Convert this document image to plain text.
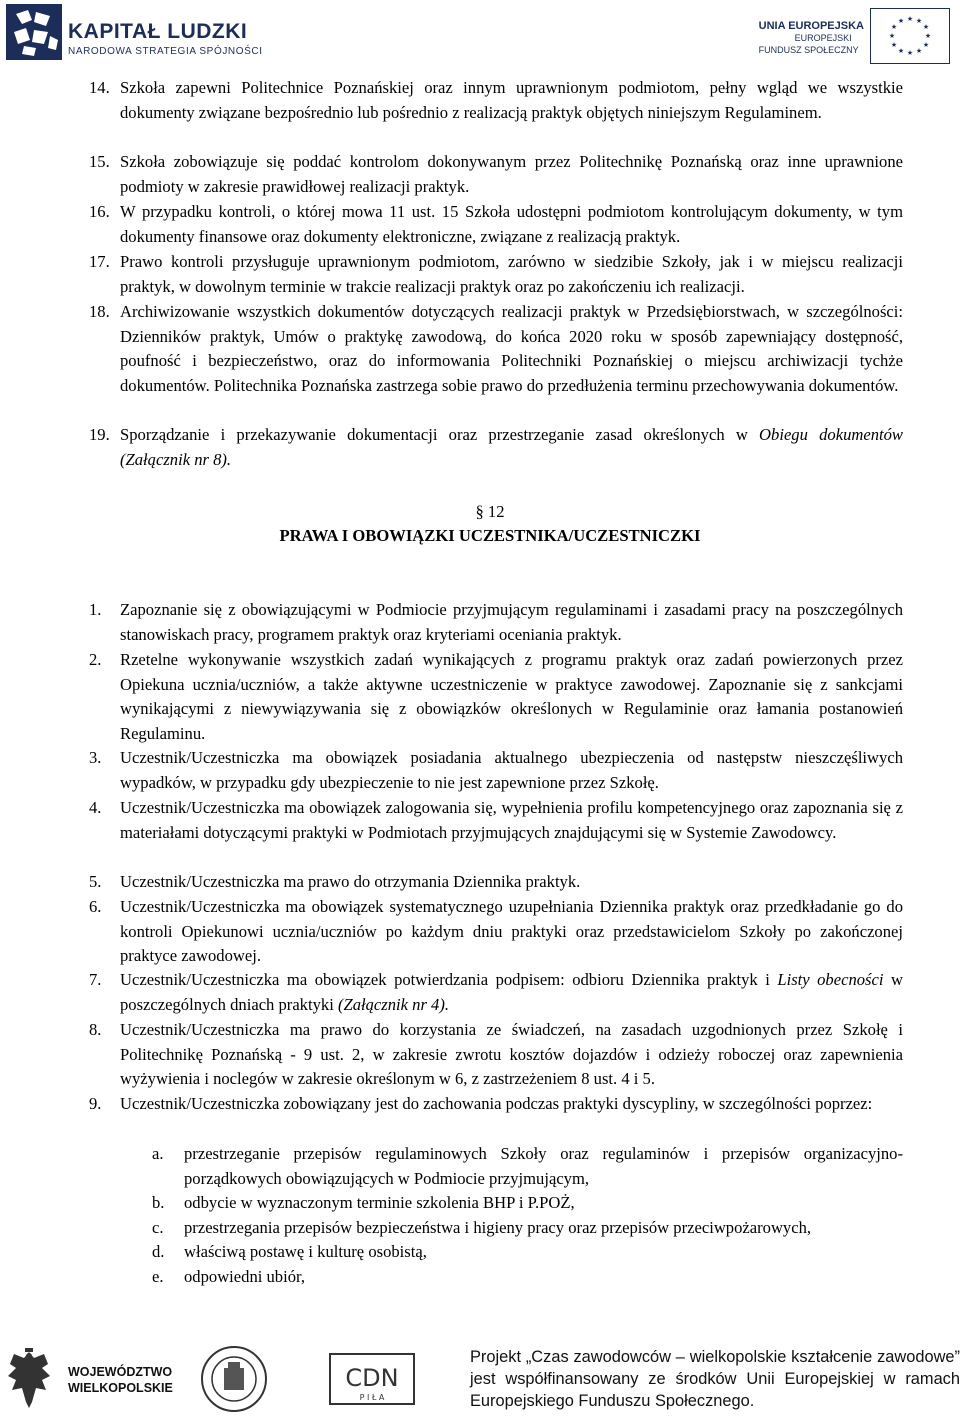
KAPITAŁ LUDZKI
NARODOWA STRATEGIA SPÓJNOŚCI
UNIA EUROPEJSKA
EUROPEJSKI
FUNDUSZ SPOŁECZNY
★ ★
★
★
★
★
★
★
★
★
★
★
14. Szkoła zapewni Politechnice Poznańskiej oraz innym uprawnionym podmiotom, pełny wgląd we wszystkie dokumenty związane bezpośrednio lub pośrednio z realizacją praktyk objętych niniejszym Regulaminem.
15. Szkoła zobowiązuje się poddać kontrolom dokonywanym przez Politechnikę Poznańską oraz inne uprawnione podmioty w zakresie prawidłowej realizacji praktyk.
16. W przypadku kontroli, o której mowa 11 ust. 15 Szkoła udostępni podmiotom kontrolującym dokumenty, w tym dokumenty finansowe oraz dokumenty elektroniczne, związane z realizacją praktyk.
17. Prawo kontroli przysługuje uprawnionym podmiotom, zarówno w siedzibie Szkoły, jak i w miejscu realizacji praktyk, w dowolnym terminie w trakcie realizacji praktyk oraz po zakończeniu ich realizacji.
18. Archiwizowanie wszystkich dokumentów dotyczących realizacji praktyk w Przedsiębiorstwach, w szczególności: Dzienników praktyk, Umów o praktykę zawodową, do końca 2020 roku w sposób zapewniający dostępność, poufność i bezpieczeństwo, oraz do informowania Politechniki Poznańskiej o miejscu archiwizacji tychże dokumentów. Politechnika Poznańska zastrzega sobie prawo do przedłużenia terminu przechowywania dokumentów.
19. Sporządzanie i przekazywanie dokumentacji oraz przestrzeganie zasad określonych w Obiegu dokumentów (Załącznik nr 8).
§ 12
PRAWA I OBOWIĄZKI UCZESTNIKA/UCZESTNICZKI
1. Zapoznanie się z obowiązującymi w Podmiocie przyjmującym regulaminami i zasadami pracy na poszczególnych stanowiskach pracy, programem praktyk oraz kryteriami oceniania praktyk.
2. Rzetelne wykonywanie wszystkich zadań wynikających z programu praktyk oraz zadań powierzonych przez Opiekuna ucznia/uczniów, a także aktywne uczestniczenie w praktyce zawodowej. Zapoznanie się z sankcjami wynikającymi z niewywiązywania się z obowiązków określonych w Regulaminie oraz łamania postanowień Regulaminu.
3. Uczestnik/Uczestniczka ma obowiązek posiadania aktualnego ubezpieczenia od następstw nieszczęśliwych wypadków, w przypadku gdy ubezpieczenie to nie jest zapewnione przez Szkołę.
4. Uczestnik/Uczestniczka ma obowiązek zalogowania się, wypełnienia profilu kompetencyjnego oraz zapoznania się z materiałami dotyczącymi praktyki w Podmiotach przyjmujących znajdującymi się w Systemie Zawodowcy.
5. Uczestnik/Uczestniczka ma prawo do otrzymania Dziennika praktyk.
6. Uczestnik/Uczestniczka ma obowiązek systematycznego uzupełniania Dziennika praktyk oraz przedkładanie go do kontroli Opiekunowi ucznia/uczniów po każdym dniu praktyki oraz przedstawicielom Szkoły po zakończonej praktyce zawodowej.
7. Uczestnik/Uczestniczka ma obowiązek potwierdzania podpisem: odbioru Dziennika praktyk i Listy obecności w poszczególnych dniach praktyki (Załącznik nr 4).
8. Uczestnik/Uczestniczka ma prawo do korzystania ze świadczeń, na zasadach uzgodnionych przez Szkołę i Politechnikę Poznańską - 9 ust. 2, w zakresie zwrotu kosztów dojazdów i odzieży roboczej oraz zapewnienia wyżywienia i noclegów w zakresie określonym w 6, z zastrzeżeniem 8 ust. 4 i 5.
9. Uczestnik/Uczestniczka zobowiązany jest do zachowania podczas praktyki dyscypliny, w szczególności poprzez:
a. przestrzeganie przepisów regulaminowych Szkoły oraz regulaminów i przepisów organizacyjno-porządkowych obowiązujących w Podmiocie przyjmującym,
b. odbycie w wyznaczonym terminie szkolenia BHP i P.POŻ,
c. przestrzegania przepisów bezpieczeństwa i higieny pracy oraz przepisów przeciwpożarowych,
d. właściwą postawę i kulturę osobistą,
e. odpowiedni ubiór,
WOJEWÓDZTWO
WIELKOPOLSKIE	CDN
P I Ł A
Projekt „Czas zawodowców – wielkopolskie kształcenie zawodowe” jest współfinansowany ze środków Unii Europejskiej w ramach Europejskiego Funduszu Społecznego.
